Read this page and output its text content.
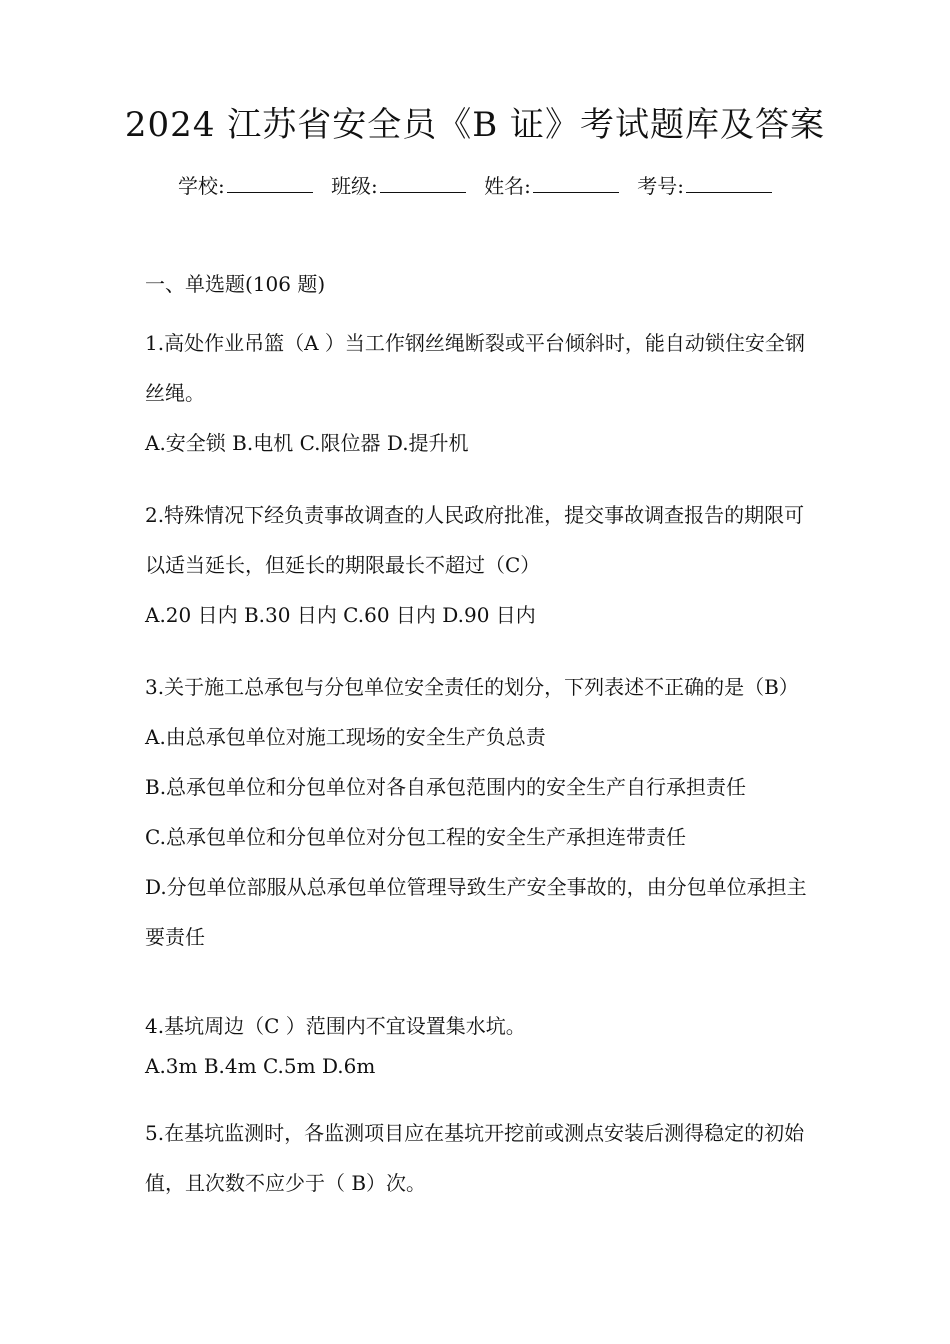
2024 江苏省安全员《B 证》考试题库及答案
学校:	班级:	姓名:	考号:
一、单选题(106 题)
1.高处作业吊篮（A ）当工作钢丝绳断裂或平台倾斜时，能自动锁住安全钢丝绳。
A.安全锁 B.电机 C.限位器 D.提升机
2.特殊情况下经负责事故调查的人民政府批准，提交事故调查报告的期限可以适当延长，但延长的期限最长不超过（C）
A.20 日内 B.30 日内 C.60 日内 D.90 日内
3.关于施工总承包与分包单位安全责任的划分，下列表述不正确的是（B）
A.由总承包单位对施工现场的安全生产负总责
B.总承包单位和分包单位对各自承包范围内的安全生产自行承担责任
C.总承包单位和分包单位对分包工程的安全生产承担连带责任
D.分包单位部服从总承包单位管理导致生产安全事故的，由分包单位承担主要责任
4.基坑周边（C ）范围内不宜设置集水坑。
A.3m B.4m C.5m D.6m
5.在基坑监测时，各监测项目应在基坑开挖前或测点安装后测得稳定的初始值，且次数不应少于（ B）次。
